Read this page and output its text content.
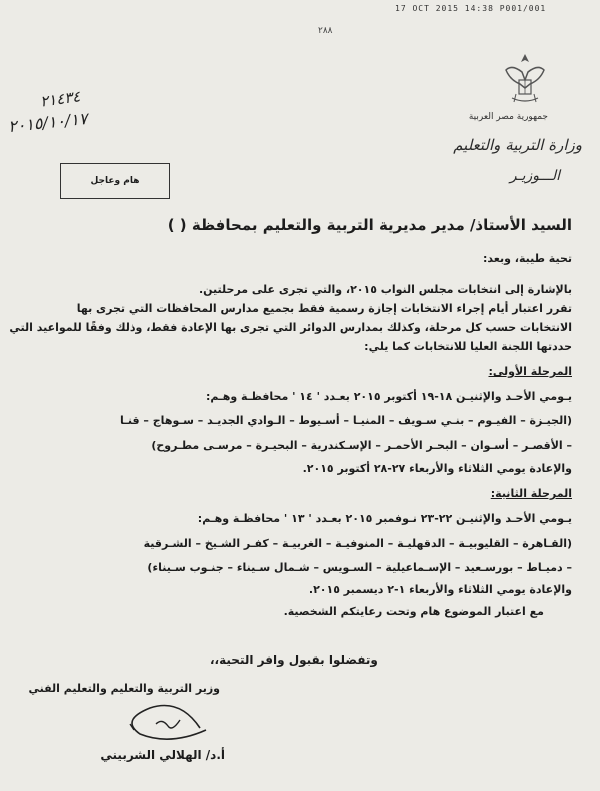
17 OCT 2015 14:38 P001/001
٢٨٨
جمهورية مصر العربية
وزارة التربية والتعليم
الـــوزيـر
٢١٤٣٤
٢٠١٥/١٠/١٧
هام وعاجل
السيد الأستاذ/ مدير مديرية التربية والتعليم بمحافظة ( )
تحية طيبة، وبعد:
بالإشارة إلى انتخابات مجلس النواب ٢٠١٥، والتي تجرى على مرحلتين.
تقرر اعتبار أيام إجراء الانتخابات إجازة رسمية فقط بجميع مدارس المحافظات التي تجرى بها
الانتخابات حسب كل مرحلة، وكذلك بمدارس الدوائر التي تجرى بها الإعادة فقط، وذلك وفقًا للمواعيد التي
حددتها اللجنة العليا للانتخابات كما يلي:
المرحلة الأولى:
يـومي الأحـد والإثنيـن ١٨-١٩ أكتوبر ٢٠١٥ بعـدد ' ١٤ ' محافظـة وهـم:
(الجيـزة – الفيـوم – بنـي سـويف – المنيـا – أسـيوط – الـوادي الجديـد – سـوهاج – قنـا
– الأقصـر – أسـوان – البحـر الأحمـر – الإسـكندرية – البحيـرة – مرسـى مطـروح)
والإعادة يومي الثلاثاء والأربعاء ٢٧-٢٨ أكتوبر ٢٠١٥.
المرحلة الثانية:
يـومي الأحـد والإثنيـن ٢٢-٢٣ نـوفمبر ٢٠١٥ بعـدد ' ١٣ ' محافظـة وهـم:
(القـاهرة – القليوبيـة – الدقهليـة – المنوفيـة – الغربيـة – كفـر الشـيخ – الشـرقية
– دميـاط – بورسـعيد – الإسـماعيلية – السـويس – شـمال سـيناء – جنـوب سـيناء)
والإعادة يومي الثلاثاء والأربعاء ١-٢ ديسمبر ٢٠١٥.
مع اعتبار الموضوع هام وتحت رعايتكم الشخصية.
وتفضلوا بقبول وافر التحية،،
وزير التربية والتعليم والتعليم الفني
أ.د/ الهلالي الشربيني
